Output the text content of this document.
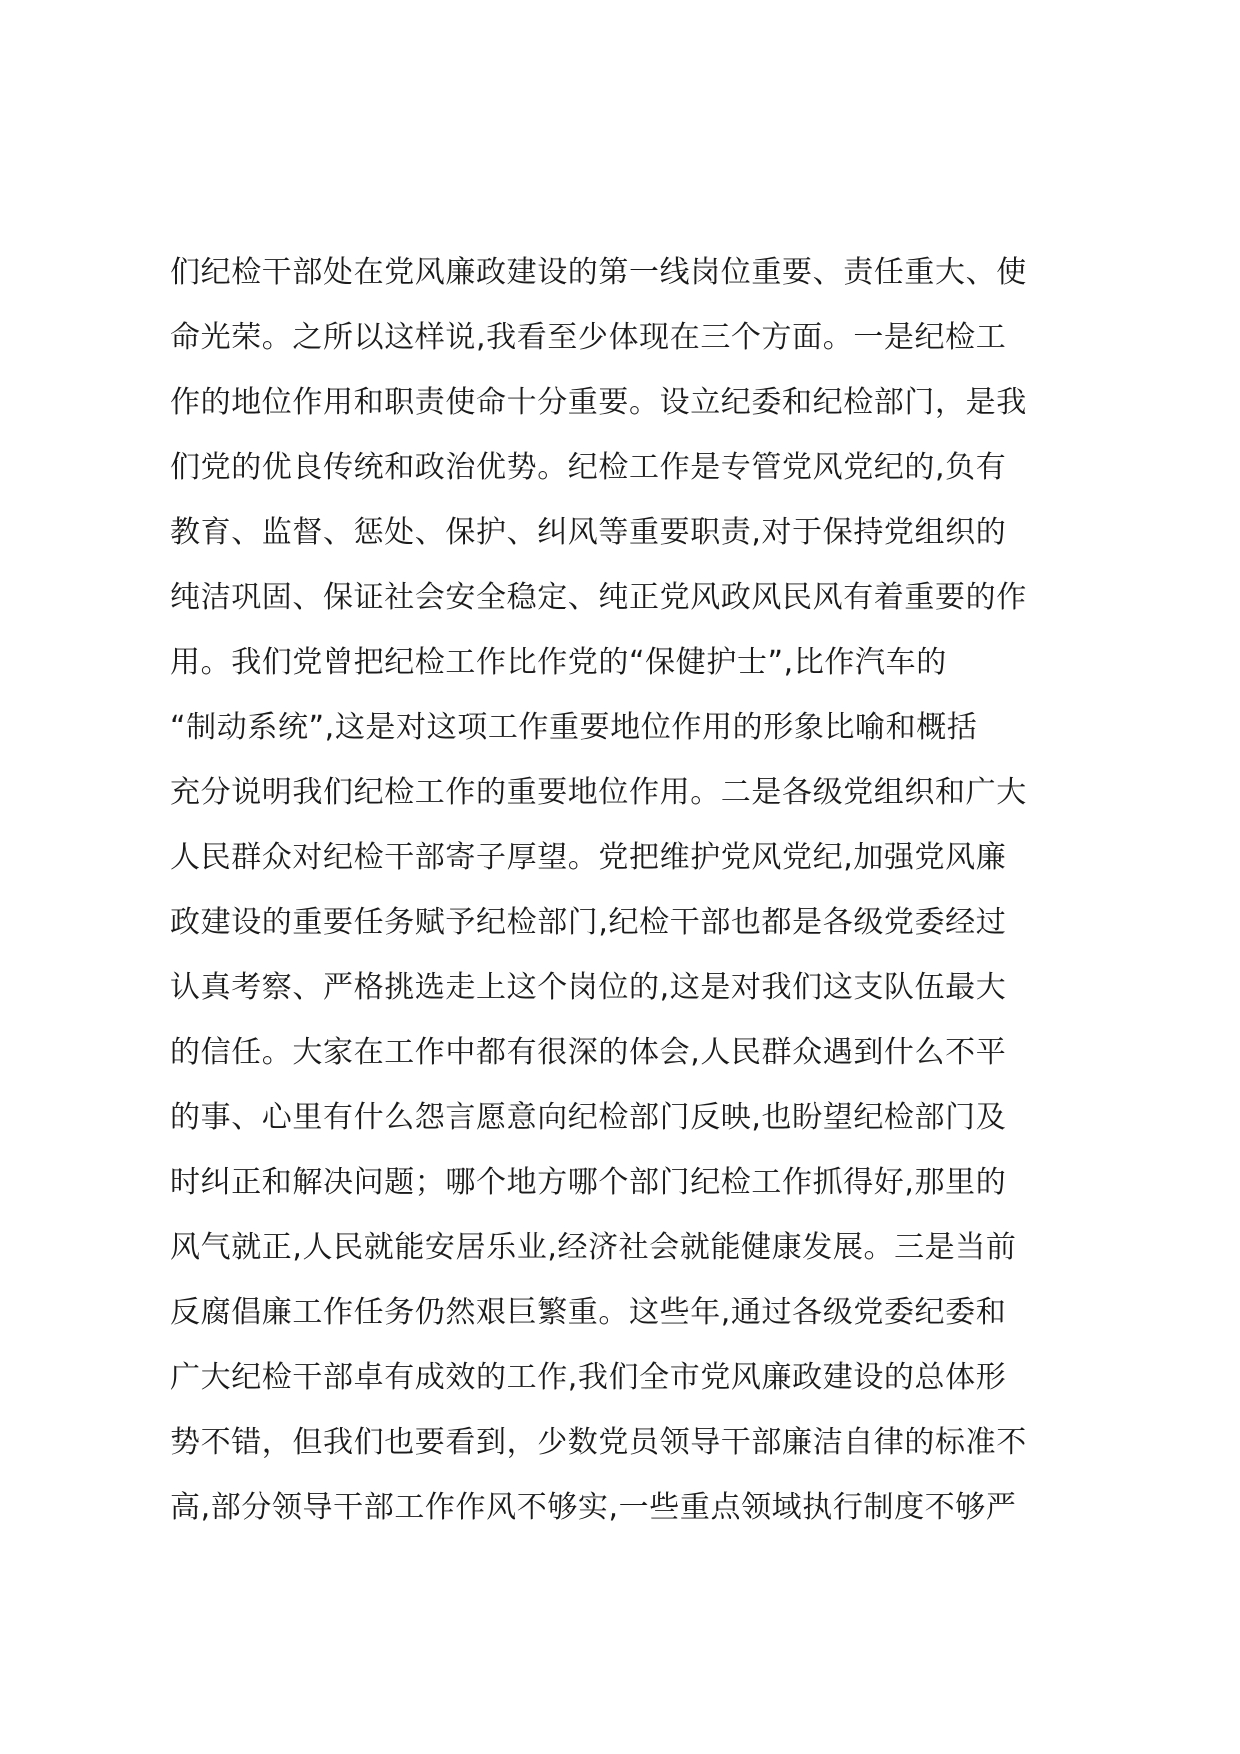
们纪检干部处在党风廉政建设的第一线岗位重要、责任重大、使
命光荣。之所以这样说,我看至少体现在三个方面。一是纪检工
作的地位作用和职责使命十分重要。设立纪委和纪检部门，是我
们党的优良传统和政治优势。纪检工作是专管党风党纪的,负有
教育、监督、惩处、保护、纠风等重要职责,对于保持党组织的
纯洁巩固、保证社会安全稳定、纯正党风政风民风有着重要的作
用。我们党曾把纪检工作比作党的“保健护士”,比作汽车的
“制动系统”,这是对这项工作重要地位作用的形象比喻和概括
充分说明我们纪检工作的重要地位作用。二是各级党组织和广大
人民群众对纪检干部寄子厚望。党把维护党风党纪,加强党风廉
政建设的重要任务赋予纪检部门,纪检干部也都是各级党委经过
认真考察、严格挑选走上这个岗位的,这是对我们这支队伍最大
的信任。大家在工作中都有很深的体会,人民群众遇到什么不平
的事、心里有什么怨言愿意向纪检部门反映,也盼望纪检部门及
时纠正和解决问题；哪个地方哪个部门纪检工作抓得好,那里的
风气就正,人民就能安居乐业,经济社会就能健康发展。三是当前
反腐倡廉工作任务仍然艰巨繁重。这些年,通过各级党委纪委和
广大纪检干部卓有成效的工作,我们全市党风廉政建设的总体形
势不错，但我们也要看到，少数党员领导干部廉洁自律的标准不
高,部分领导干部工作作风不够实,一些重点领域执行制度不够严
